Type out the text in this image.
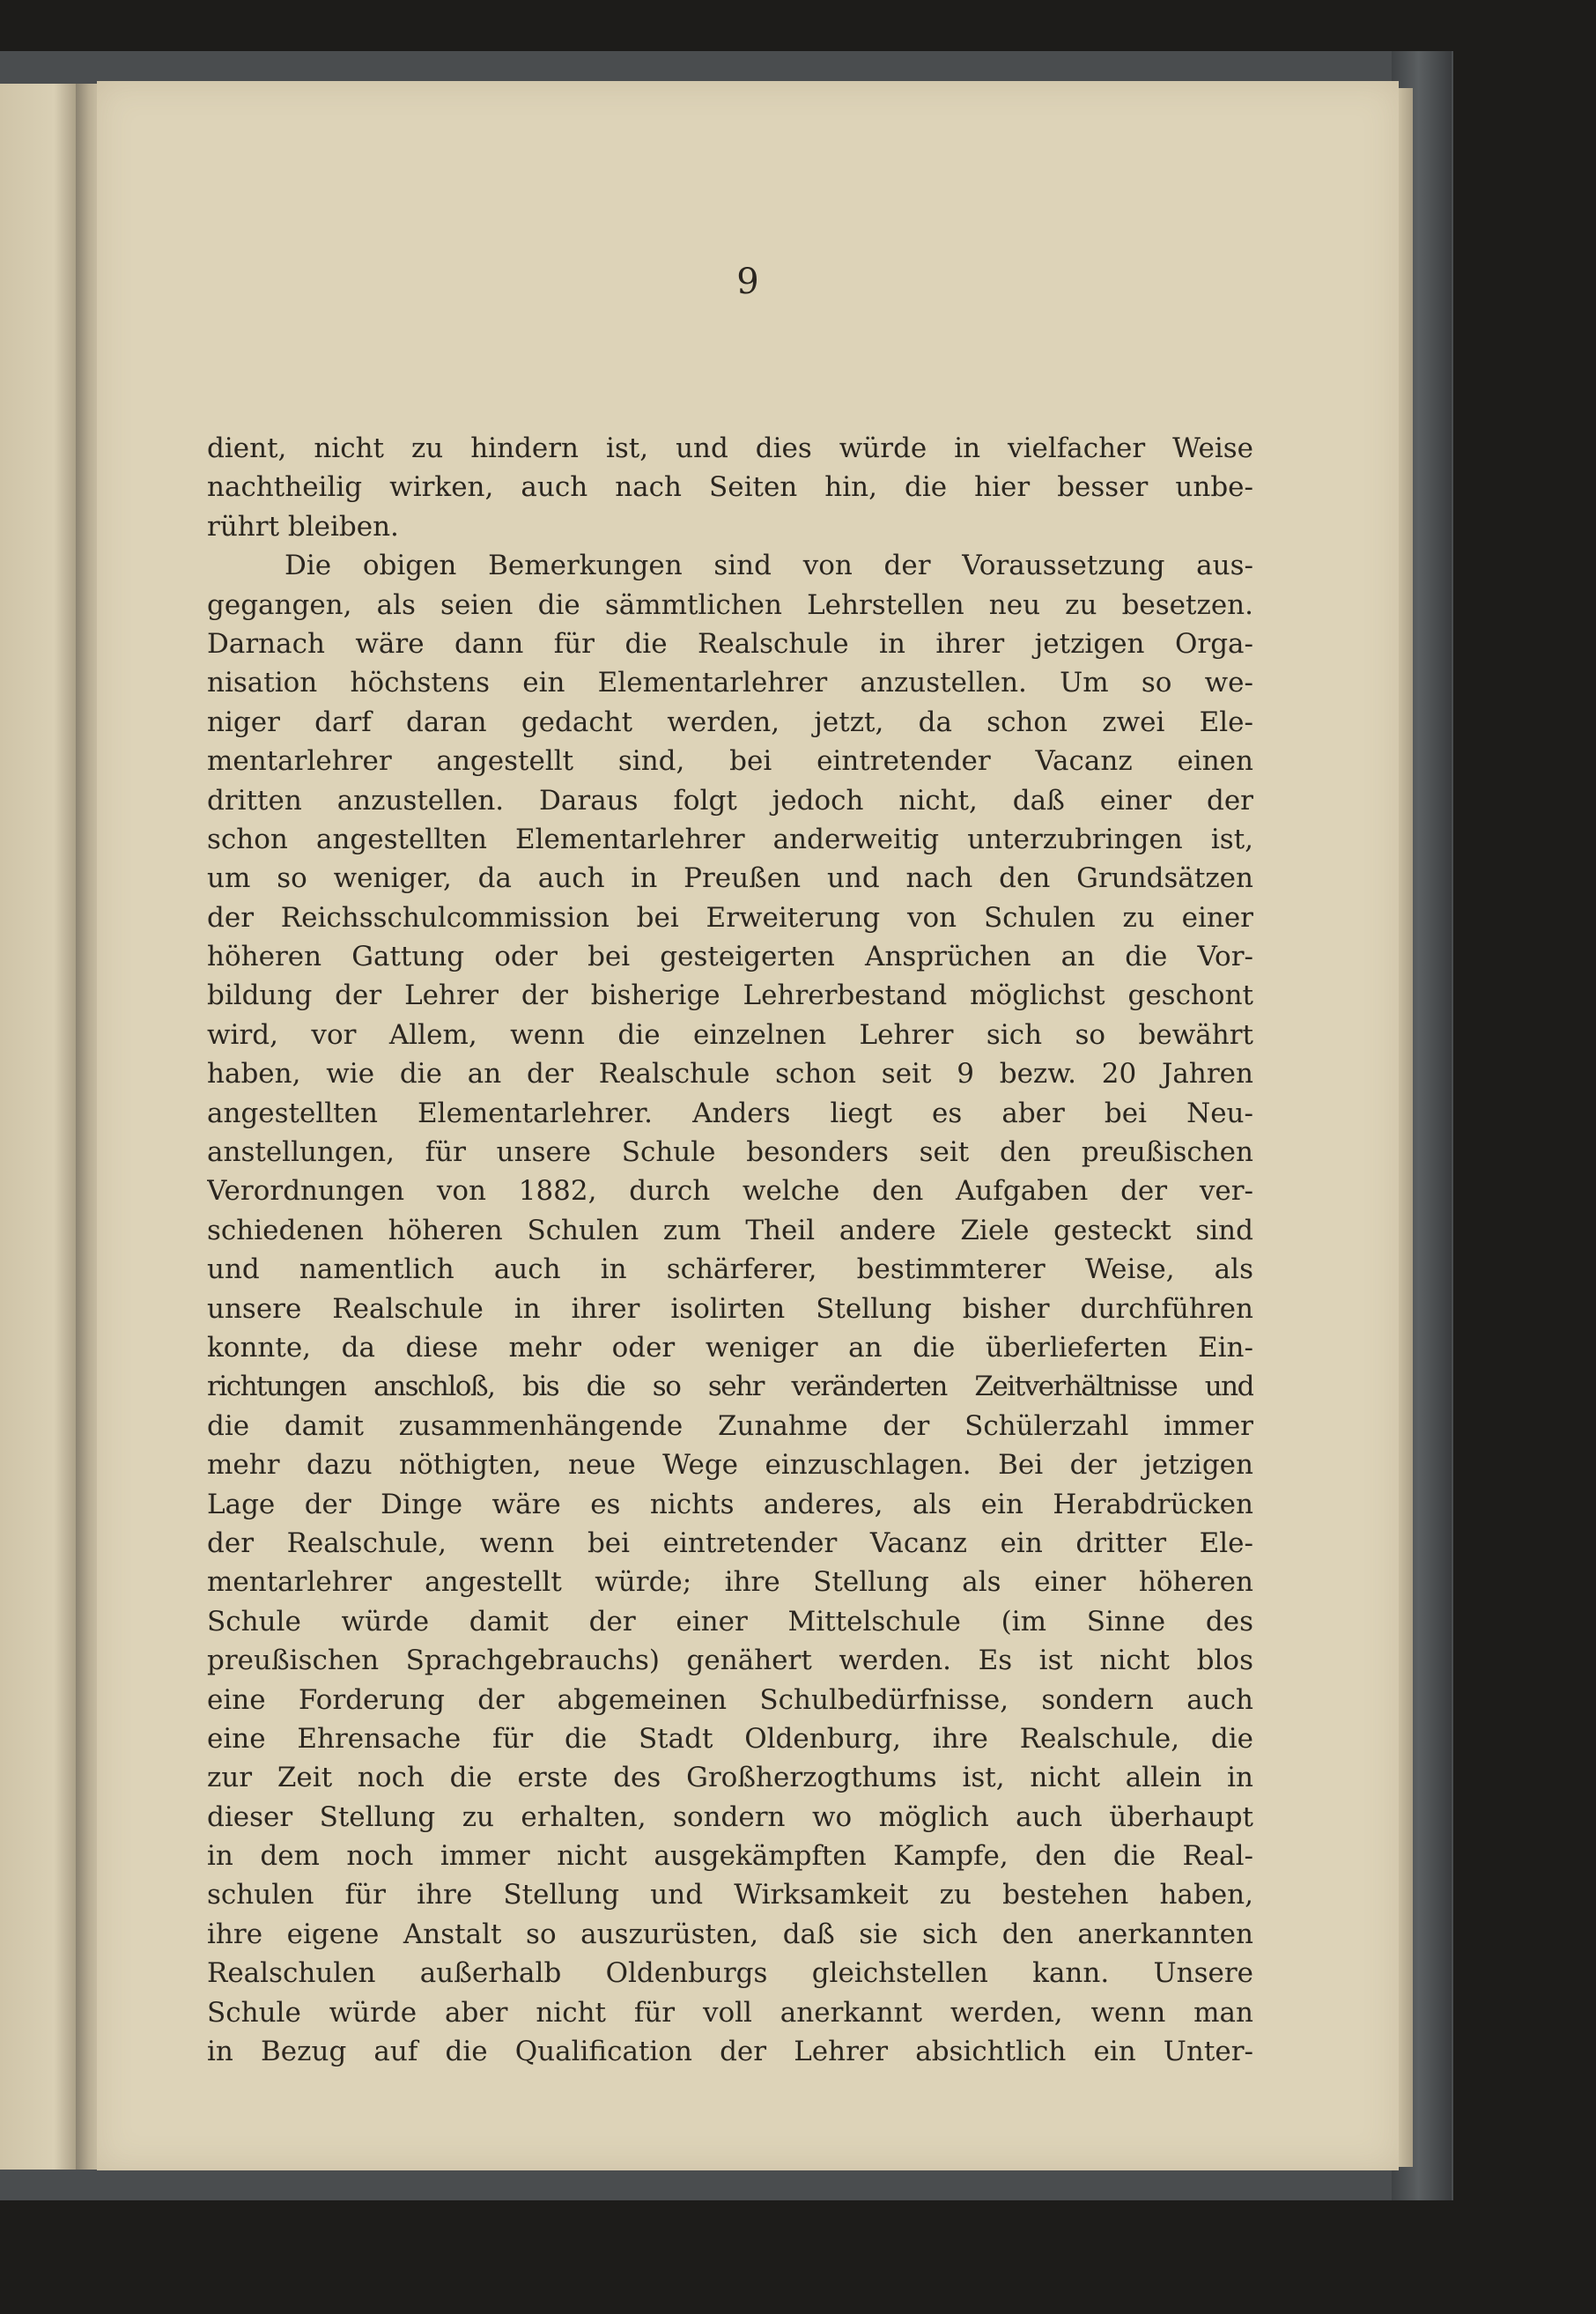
9
dient, nicht zu hindern ist, und dies würde in vielfacher Weise
nachtheilig wirken, auch nach Seiten hin, die hier besser unbe-
rührt bleiben.
Die obigen Bemerkungen sind von der Voraussetzung aus-
gegangen, als seien die sämmtlichen Lehrstellen neu zu besetzen.
Darnach wäre dann für die Realschule in ihrer jetzigen Orga-
nisation höchstens ein Elementarlehrer anzustellen. Um so we-
niger darf daran gedacht werden, jetzt, da schon zwei Ele-
mentarlehrer angestellt sind, bei eintretender Vacanz einen
dritten anzustellen. Daraus folgt jedoch nicht, daß einer der
schon angestellten Elementarlehrer anderweitig unterzubringen ist,
um so weniger, da auch in Preußen und nach den Grundsätzen
der Reichsschulcommission bei Erweiterung von Schulen zu einer
höheren Gattung oder bei gesteigerten Ansprüchen an die Vor-
bildung der Lehrer der bisherige Lehrerbestand möglichst geschont
wird, vor Allem, wenn die einzelnen Lehrer sich so bewährt
haben, wie die an der Realschule schon seit 9 bezw. 20 Jahren
angestellten Elementarlehrer. Anders liegt es aber bei Neu-
anstellungen, für unsere Schule besonders seit den preußischen
Verordnungen von 1882, durch welche den Aufgaben der ver-
schiedenen höheren Schulen zum Theil andere Ziele gesteckt sind
und namentlich auch in schärferer, bestimmterer Weise, als
unsere Realschule in ihrer isolirten Stellung bisher durchführen
konnte, da diese mehr oder weniger an die überlieferten Ein-
richtungen anschloß, bis die so sehr veränderten Zeitverhältnisse und
die damit zusammenhängende Zunahme der Schülerzahl immer
mehr dazu nöthigten, neue Wege einzuschlagen. Bei der jetzigen
Lage der Dinge wäre es nichts anderes, als ein Herabdrücken
der Realschule, wenn bei eintretender Vacanz ein dritter Ele-
mentarlehrer angestellt würde; ihre Stellung als einer höheren
Schule würde damit der einer Mittelschule (im Sinne des
preußischen Sprachgebrauchs) genähert werden. Es ist nicht blos
eine Forderung der abgemeinen Schulbedürfnisse, sondern auch
eine Ehrensache für die Stadt Oldenburg, ihre Realschule, die
zur Zeit noch die erste des Großherzogthums ist, nicht allein in
dieser Stellung zu erhalten, sondern wo möglich auch überhaupt
in dem noch immer nicht ausgekämpften Kampfe, den die Real-
schulen für ihre Stellung und Wirksamkeit zu bestehen haben,
ihre eigene Anstalt so auszurüsten, daß sie sich den anerkannten
Realschulen außerhalb Oldenburgs gleichstellen kann. Unsere
Schule würde aber nicht für voll anerkannt werden, wenn man
in Bezug auf die Qualification der Lehrer absichtlich ein Unter-
